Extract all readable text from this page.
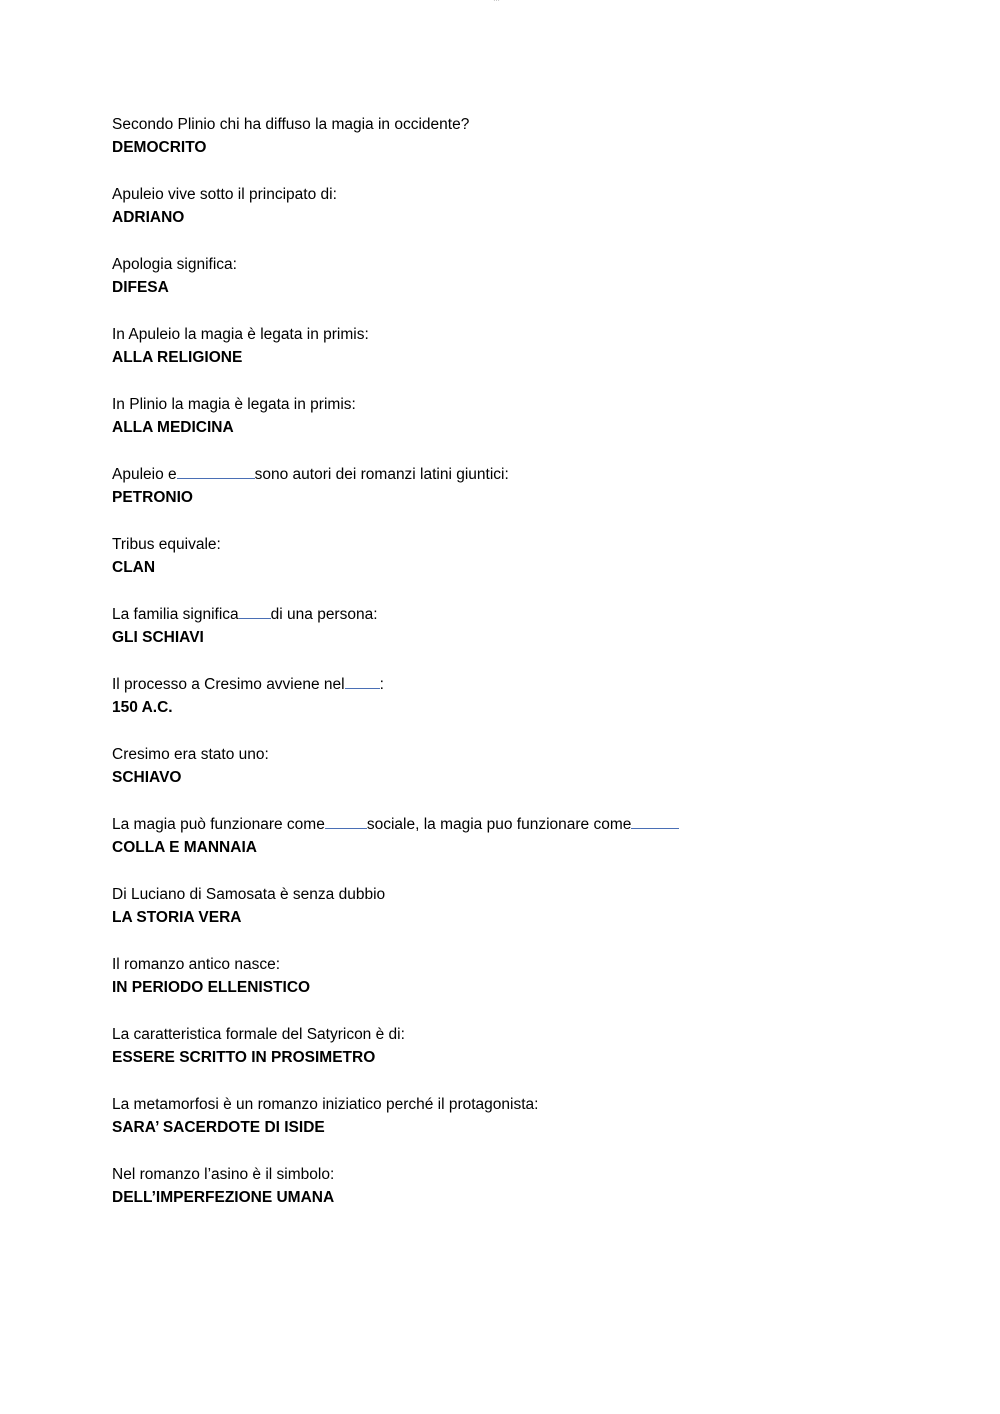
Secondo Plinio chi ha diffuso la magia in occidente?
DEMOCRITO
Apuleio vive sotto il principato di:
ADRIANO
Apologia significa:
DIFESA
In Apuleio la magia è legata in primis:
ALLA RELIGIONE
In Plinio la magia è legata in primis:
ALLA MEDICINA
Apuleio e	sono autori dei romanzi latini giuntici:
PETRONIO
Tribus equivale:
CLAN
La familia significa di una persona:
GLI SCHIAVI
Il processo a Cresimo avviene nel :
150 A.C.
Cresimo era stato uno:
SCHIAVO
La magia può funzionare come	sociale, la magia puo funzionare come
COLLA E MANNAIA
Di Luciano di Samosata è senza dubbio
LA STORIA VERA
Il romanzo antico nasce:
IN PERIODO ELLENISTICO
La caratteristica formale del Satyricon è di:
ESSERE SCRITTO IN PROSIMETRO
La metamorfosi è un romanzo iniziatico perché il protagonista:
SARA’ SACERDOTE DI ISIDE
Nel romanzo l’asino è il simbolo:
DELL’IMPERFEZIONE UMANA
